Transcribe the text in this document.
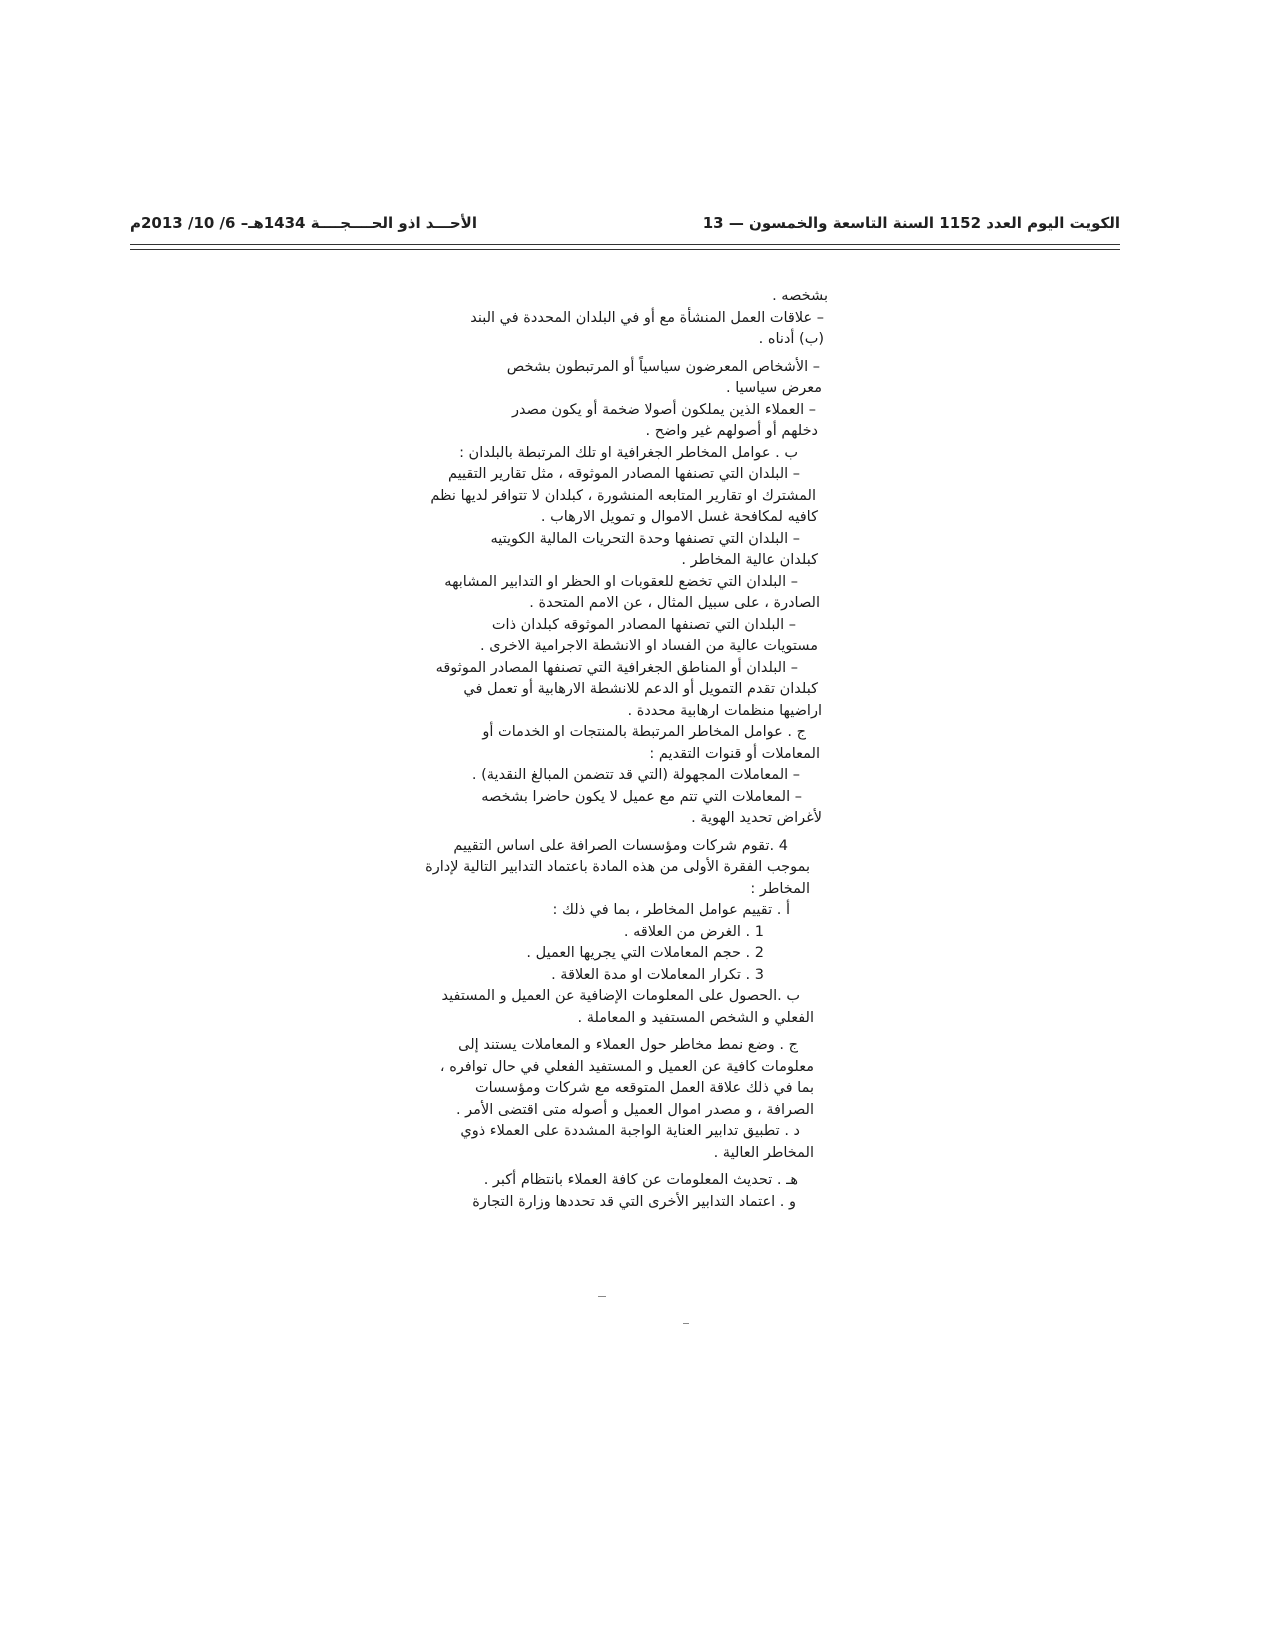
الكويت اليوم العدد 1152 السنة التاسعة والخمسون — 13
الأحـــد اذو الحــــجــــة 1434هـ– 6/ 10/ 2013م
بشخصه .
– علاقات العمل المنشأة مع أو في البلدان المحددة في البند
(ب) أدناه .
– الأشخاص المعرضون سياسياً أو المرتبطون بشخص
معرض سياسيا .
– العملاء الذين يملكون أصولا ضخمة أو يكون مصدر
دخلهم أو أصولهم غير واضح .
ب . عوامل المخاطر الجغرافية او تلك المرتبطة بالبلدان :
– البلدان التي تصنفها المصادر الموثوقه ، مثل تقارير التقييم
المشترك او تقارير المتابعه المنشورة ، كبلدان لا تتوافر لديها نظم
كافيه لمكافحة غسل الاموال و تمويل الارهاب .
– البلدان التي تصنفها وحدة التحريات المالية الكويتيه
كبلدان عالية المخاطر .
– البلدان التي تخضع للعقوبات او الحظر او التدابير المشابهه
الصادرة ، على سبيل المثال ، عن الامم المتحدة .
– البلدان التي تصنفها المصادر الموثوقه كبلدان ذات
مستويات عالية من الفساد او الانشطة الاجرامية الاخرى .
– البلدان أو المناطق الجغرافية التي تصنفها المصادر الموثوقه
كبلدان تقدم التمويل أو الدعم للانشطة الارهابية أو تعمل في
اراضيها منظمات ارهابية محددة .
ج . عوامل المخاطر المرتبطة بالمنتجات او الخدمات أو
المعاملات أو قنوات التقديم :
– المعاملات المجهولة (التي قد تتضمن المبالغ النقدية) .
– المعاملات التي تتم مع عميل لا يكون حاضرا بشخصه
لأغراض تحديد الهوية .
4 .تقوم شركات ومؤسسات الصرافة على اساس التقييم
بموجب الفقرة الأولى من هذه المادة باعتماد التدابير التالية لإدارة
المخاطر :
أ . تقييم عوامل المخاطر ، بما في ذلك :
1 . الغرض من العلاقه .
2 . حجم المعاملات التي يجريها العميل .
3 . تكرار المعاملات او مدة العلاقة .
ب .الحصول على المعلومات الإضافية عن العميل و المستفيد
الفعلي و الشخص المستفيد و المعاملة .
ج . وضع نمط مخاطر حول العملاء و المعاملات يستند إلى
معلومات كافية عن العميل و المستفيد الفعلي في حال توافره ،
بما في ذلك علاقة العمل المتوقعه مع شركات ومؤسسات
الصرافة ، و مصدر اموال العميل و أصوله متى اقتضى الأمر .
د . تطبيق تدابير العناية الواجبة المشددة على العملاء ذوي
المخاطر العالية .
هـ . تحديث المعلومات عن كافة العملاء بانتظام أكبر .
و . اعتماد التدابير الأخرى التي قد تحددها وزارة التجارة
